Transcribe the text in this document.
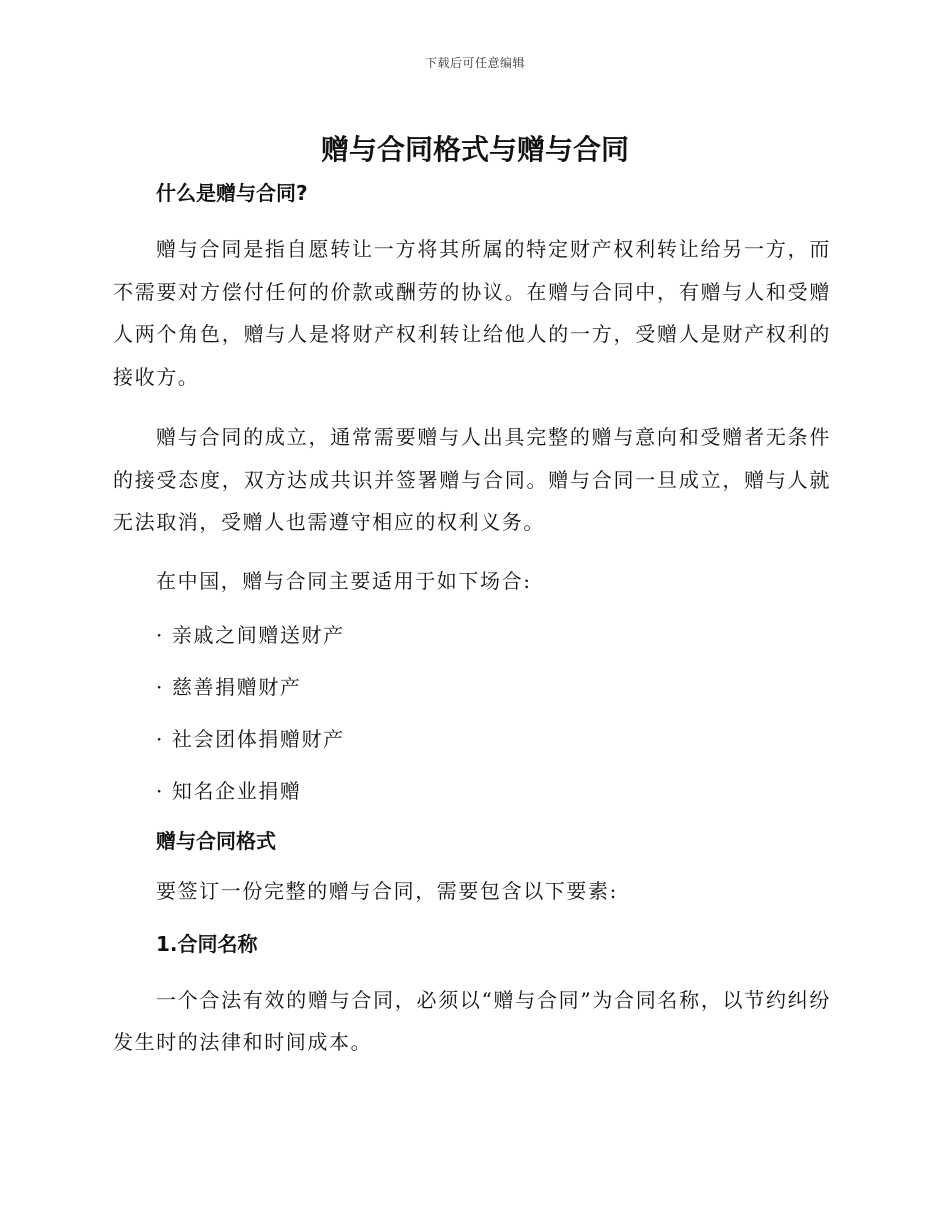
下载后可任意编辑
赠与合同格式与赠与合同
什么是赠与合同?

赠与合同是指自愿转让一方将其所属的特定财产权利转让给另一方，而不需要对方偿付任何的价款或酬劳的协议。在赠与合同中，有赠与人和受赠人两个角色，赠与人是将财产权利转让给他人的一方，受赠人是财产权利的接收方。

赠与合同的成立，通常需要赠与人出具完整的赠与意向和受赠者无条件的接受态度，双方达成共识并签署赠与合同。赠与合同一旦成立，赠与人就无法取消，受赠人也需遵守相应的权利义务。

在中国，赠与合同主要适用于如下场合:

· 亲戚之间赠送财产
· 慈善捐赠财产
· 社会团体捐赠财产
· 知名企业捐赠
赠与合同格式

要签订一份完整的赠与合同，需要包含以下要素:

1.合同名称

一个合法有效的赠与合同，必须以“赠与合同”为合同名称，以节约纠纷发生时的法律和时间成本。
